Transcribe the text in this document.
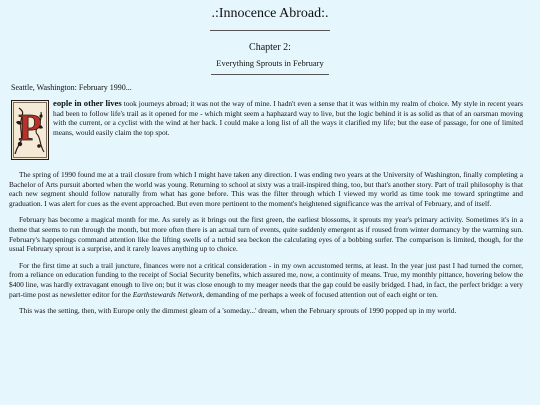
.:Innocence Abroad:.
Chapter 2:
Everything Sprouts in February
Seattle, Washington: February 1990...
P
eople in other lives took journeys abroad; it was not the way of mine. I hadn't even a sense that it was within my realm of choice. My style in recent years had been to follow life's trail as it opened for me - which might seem a haphazard way to live, but the logic behind it is as solid as that of an oarsman moving with the current, or a cyclist with the wind at her back. I could make a long list of all the ways it clarified my life; but the ease of passage, for one of limited means, would easily claim the top spot.

The spring of 1990 found me at a trail closure from which I might have taken any direction. I was ending two years at the University of Washington, finally completing a Bachelor of Arts pursuit aborted when the world was young. Returning to school at sixty was a trail-inspired thing, too, but that's another story. Part of trail philosophy is that each new segment should follow naturally from what has gone before. This was the filter through which I viewed my world as time took me toward springtime and graduation. I was alert for cues as the event approached. But even more pertinent to the moment's heightened significance was the arrival of February, and of itself.

February has become a magical month for me. As surely as it brings out the first green, the earliest blossoms, it sprouts my year's primary activity. Sometimes it's in a theme that seems to run through the month, but more often there is an actual turn of events, quite suddenly emergent as if roused from winter dormancy by the warming sun. February's happenings command attention like the lifting swells of a turbid sea beckon the calculating eyes of a bobbing surfer. The comparison is limited, though, for the usual February sprout is a surprise, and it rarely leaves anything up to choice.

For the first time at such a trail juncture, finances were not a critical consideration - in my own accustomed terms, at least. In the year just past I had turned the corner, from a reliance on education funding to the receipt of Social Security benefits, which assured me, now, a continuity of means. True, my monthly pittance, hovering below the $400 line, was hardly extravagant enough to live on; but it was close enough to my meager needs that the gap could be easily bridged. I had, in fact, the perfect bridge: a very part-time post as newsletter editor for the Earthstewards Network, demanding of me perhaps a week of focused attention out of each eight or ten.

This was the setting, then, with Europe only the dimmest gleam of a 'someday...' dream, when the February sprouts of 1990 popped up in my world.
